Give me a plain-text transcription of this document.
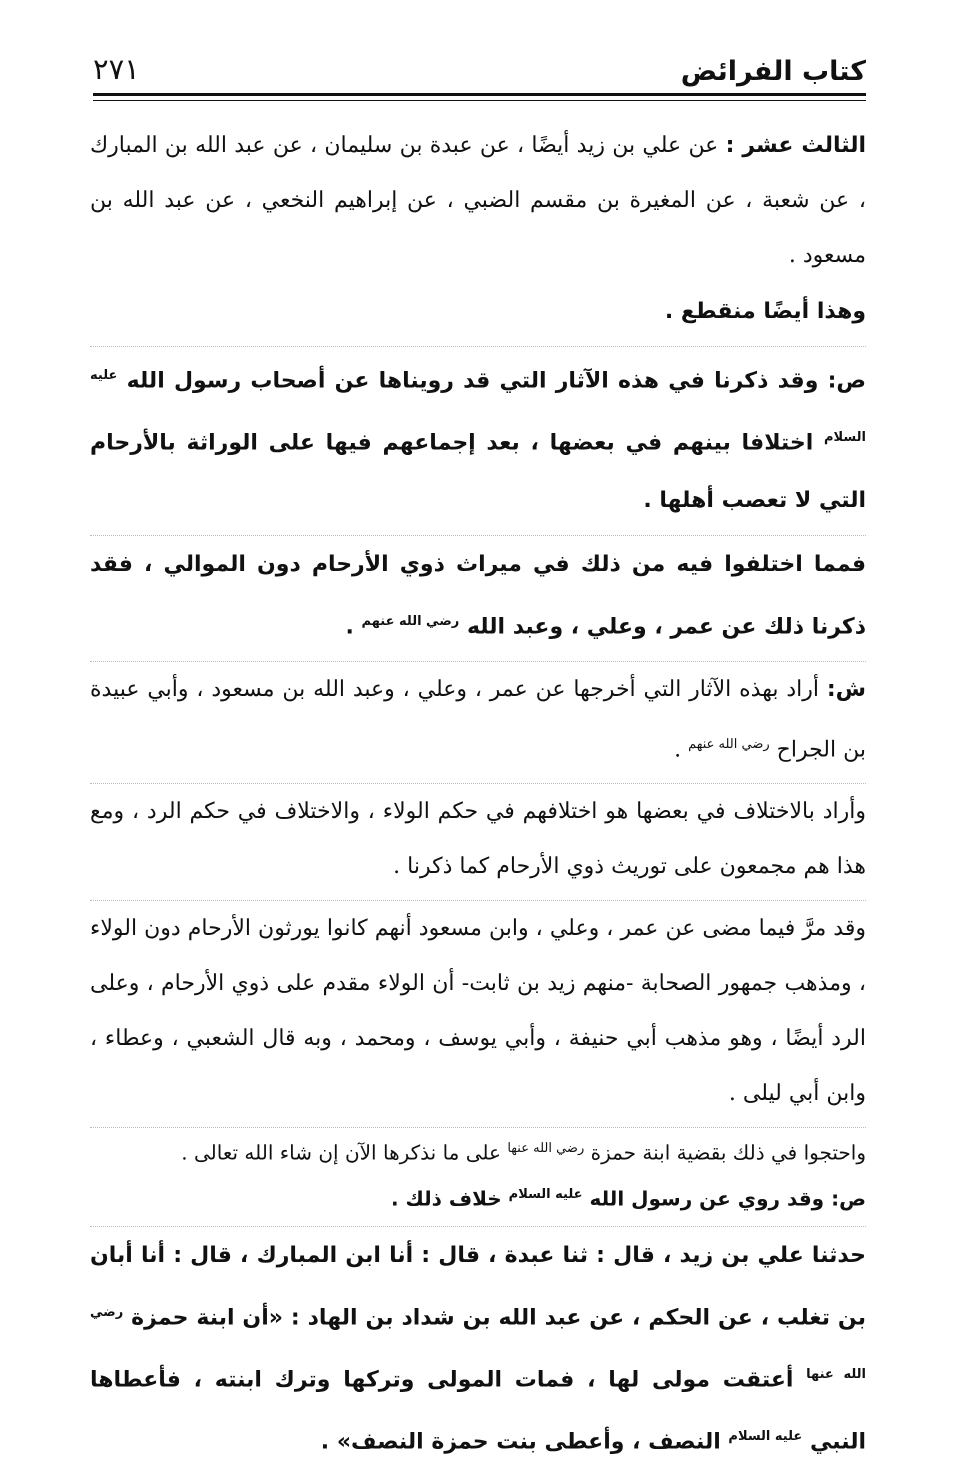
كتاب الفرائض
٢٧١

الثالث عشر : عن علي بن زيد أيضًا ، عن عبدة بن سليمان ، عن عبد الله بن المبارك ، عن شعبة ، عن المغيرة بن مقسم الضبي ، عن إبراهيم النخعي ، عن عبد الله بن مسعود .

وهذا أيضًا منقطع .

ص: وقد ذكرنا في هذه الآثار التي قد رويناها عن أصحاب رسول الله $^{عليه السلام}$ اختلافا بينهم في بعضها ، بعد إجماعهم فيها على الوراثة بالأرحام التي لا تعصب أهلها .

فمما اختلفوا فيه من ذلك في ميراث ذوي الأرحام دون الموالي ، فقد ذكرنا ذلك عن عمر ، وعلي ، وعبد الله $^{رضي الله عنهم}$ .

ش: أراد بهذه الآثار التي أخرجها عن عمر ، وعلي ، وعبد الله بن مسعود ، وأبي عبيدة بن الجراح $^{رضي الله عنهم}$ .

وأراد بالاختلاف في بعضها هو اختلافهم في حكم الولاء ، والاختلاف في حكم الرد ، ومع هذا هم مجمعون على توريث ذوي الأرحام كما ذكرنا .

وقد مرَّ فيما مضى عن عمر ، وعلي ، وابن مسعود أنهم كانوا يورثون الأرحام دون الولاء ، ومذهب جمهور الصحابة -منهم زيد بن ثابت- أن الولاء مقدم على ذوي الأرحام ، وعلى الرد أيضًا ، وهو مذهب أبي حنيفة ، وأبي يوسف ، ومحمد ، وبه قال الشعبي ، وعطاء ، وابن أبي ليلى .

واحتجوا في ذلك بقضية ابنة حمزة $^{رضي الله عنها}$ على ما نذكرها الآن إن شاء الله تعالى .

ص: وقد روي عن رسول الله $^{عليه السلام}$ خلاف ذلك .

حدثنا علي بن زيد ، قال : ثنا عبدة ، قال : أنا ابن المبارك ، قال : أنا أبان بن تغلب ، عن الحكم ، عن عبد الله بن شداد بن الهاد : «أن ابنة حمزة $^{رضي الله عنها}$ أعتقت مولى لها ، فمات المولى وتركها وترك ابنته ، فأعطاها النبي $^{عليه السلام}$ النصف ، وأعطى بنت حمزة النصف» .
